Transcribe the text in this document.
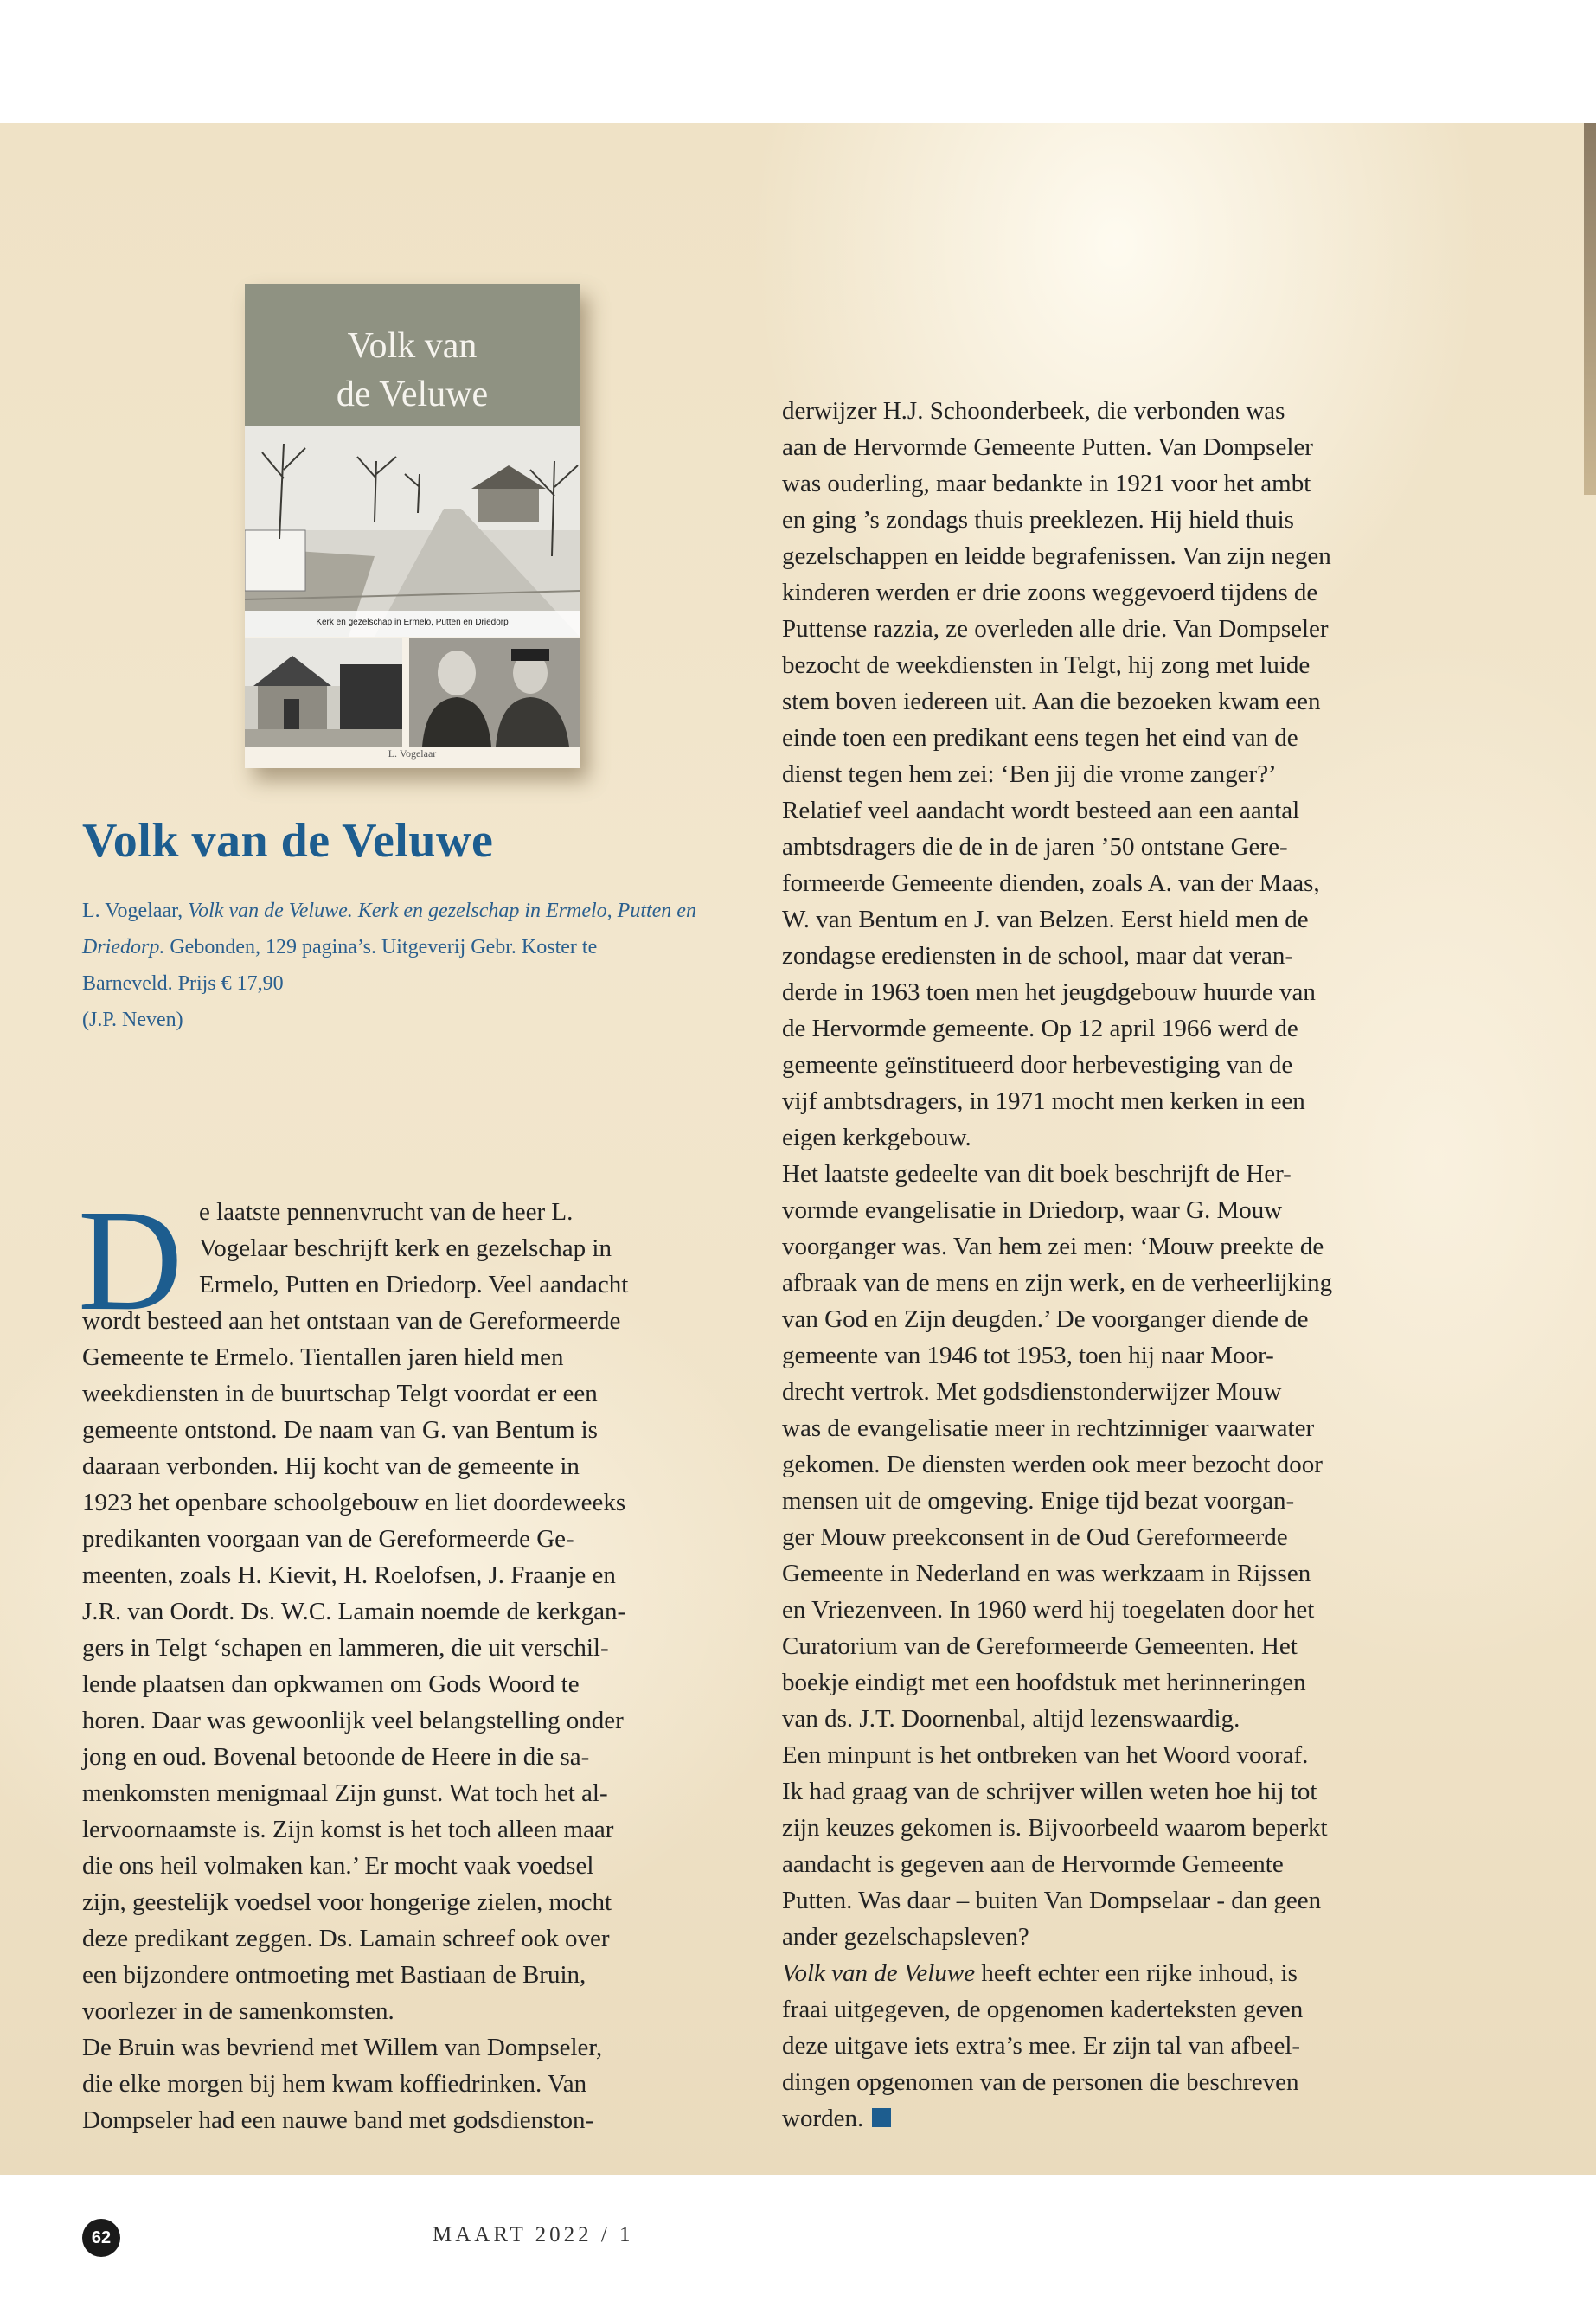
Volk van
de Veluwe
Kerk en gezelschap in Ermelo, Putten en Driedorp
L. Vogelaar
Volk van de Veluwe
L. Vogelaar, Volk van de Veluwe. Kerk en gezelschap in Ermelo, Putten en Driedorp. Gebonden, 129 pagina’s. Uitgeverij Gebr. Koster te
Barneveld. Prijs € 17,90
(J.P. Neven)
D e laatste pennenvrucht van de heer L.
Vogelaar beschrijft kerk en gezelschap in
Ermelo, Putten en Driedorp. Veel aandacht
wordt besteed aan het ontstaan van de Gereformeerde
Gemeente te Ermelo. Tientallen jaren hield men
weekdiensten in de buurtschap Telgt voordat er een
gemeente ontstond. De naam van G. van Bentum is
daaraan verbonden. Hij kocht van de gemeente in
1923 het openbare schoolgebouw en liet doordeweeks
predikanten voorgaan van de Gereformeerde Ge-
meenten, zoals H. Kievit, H. Roelofsen, J. Fraanje en
J.R. van Oordt. Ds. W.C. Lamain noemde de kerkgan-
gers in Telgt ‘schapen en lammeren, die uit verschil-
lende plaatsen dan opkwamen om Gods Woord te
horen. Daar was gewoonlijk veel belangstelling onder
jong en oud. Bovenal betoonde de Heere in die sa-
menkomsten menigmaal Zijn gunst. Wat toch het al-
lervoornaamste is. Zijn komst is het toch alleen maar
die ons heil volmaken kan.’ Er mocht vaak voedsel
zijn, geestelijk voedsel voor hongerige zielen, mocht
deze predikant zeggen. Ds. Lamain schreef ook over
een bijzondere ontmoeting met Bastiaan de Bruin,
voorlezer in de samenkomsten.
De Bruin was bevriend met Willem van Dompseler,
die elke morgen bij hem kwam koffiedrinken. Van
Dompseler had een nauwe band met godsdienston-
derwijzer H.J. Schoonderbeek, die verbonden was
aan de Hervormde Gemeente Putten. Van Dompseler
was ouderling, maar bedankte in 1921 voor het ambt
en ging ’s zondags thuis preeklezen. Hij hield thuis
gezelschappen en leidde begrafenissen. Van zijn negen
kinderen werden er drie zoons weggevoerd tijdens de
Puttense razzia, ze overleden alle drie. Van Dompseler
bezocht de weekdiensten in Telgt, hij zong met luide
stem boven iedereen uit. Aan die bezoeken kwam een
einde toen een predikant eens tegen het eind van de
dienst tegen hem zei: ‘Ben jij die vrome zanger?’
Relatief veel aandacht wordt besteed aan een aantal
ambtsdragers die de in de jaren ’50 ontstane Gere-
formeerde Gemeente dienden, zoals A. van der Maas,
W. van Bentum en J. van Belzen. Eerst hield men de
zondagse erediensten in de school, maar dat veran-
derde in 1963 toen men het jeugdgebouw huurde van
de Hervormde gemeente. Op 12 april 1966 werd de
gemeente geïnstitueerd door herbevestiging van de
vijf ambtsdragers, in 1971 mocht men kerken in een
eigen kerkgebouw.
Het laatste gedeelte van dit boek beschrijft de Her-
vormde evangelisatie in Driedorp, waar G. Mouw
voorganger was. Van hem zei men: ‘Mouw preekte de
afbraak van de mens en zijn werk, en de verheerlijking
van God en Zijn deugden.’ De voorganger diende de
gemeente van 1946 tot 1953, toen hij naar Moor-
drecht vertrok. Met godsdienstonderwijzer Mouw
was de evangelisatie meer in rechtzinniger vaarwater
gekomen. De diensten werden ook meer bezocht door
mensen uit de omgeving. Enige tijd bezat voorgan-
ger Mouw preekconsent in de Oud Gereformeerde
Gemeente in Nederland en was werkzaam in Rijssen
en Vriezenveen. In 1960 werd hij toegelaten door het
Curatorium van de Gereformeerde Gemeenten. Het
boekje eindigt met een hoofdstuk met herinneringen
van ds. J.T. Doornenbal, altijd lezenswaardig.
Een minpunt is het ontbreken van het Woord vooraf.
Ik had graag van de schrijver willen weten hoe hij tot
zijn keuzes gekomen is. Bijvoorbeeld waarom beperkt
aandacht is gegeven aan de Hervormde Gemeente
Putten. Was daar – buiten Van Dompselaar - dan geen
ander gezelschapsleven?
Volk van de Veluwe heeft echter een rijke inhoud, is
fraai uitgegeven, de opgenomen kaderteksten geven
deze uitgave iets extra’s mee. Er zijn tal van afbeel-
dingen opgenomen van de personen die beschreven
worden.
62	MAART 2022 / 1
